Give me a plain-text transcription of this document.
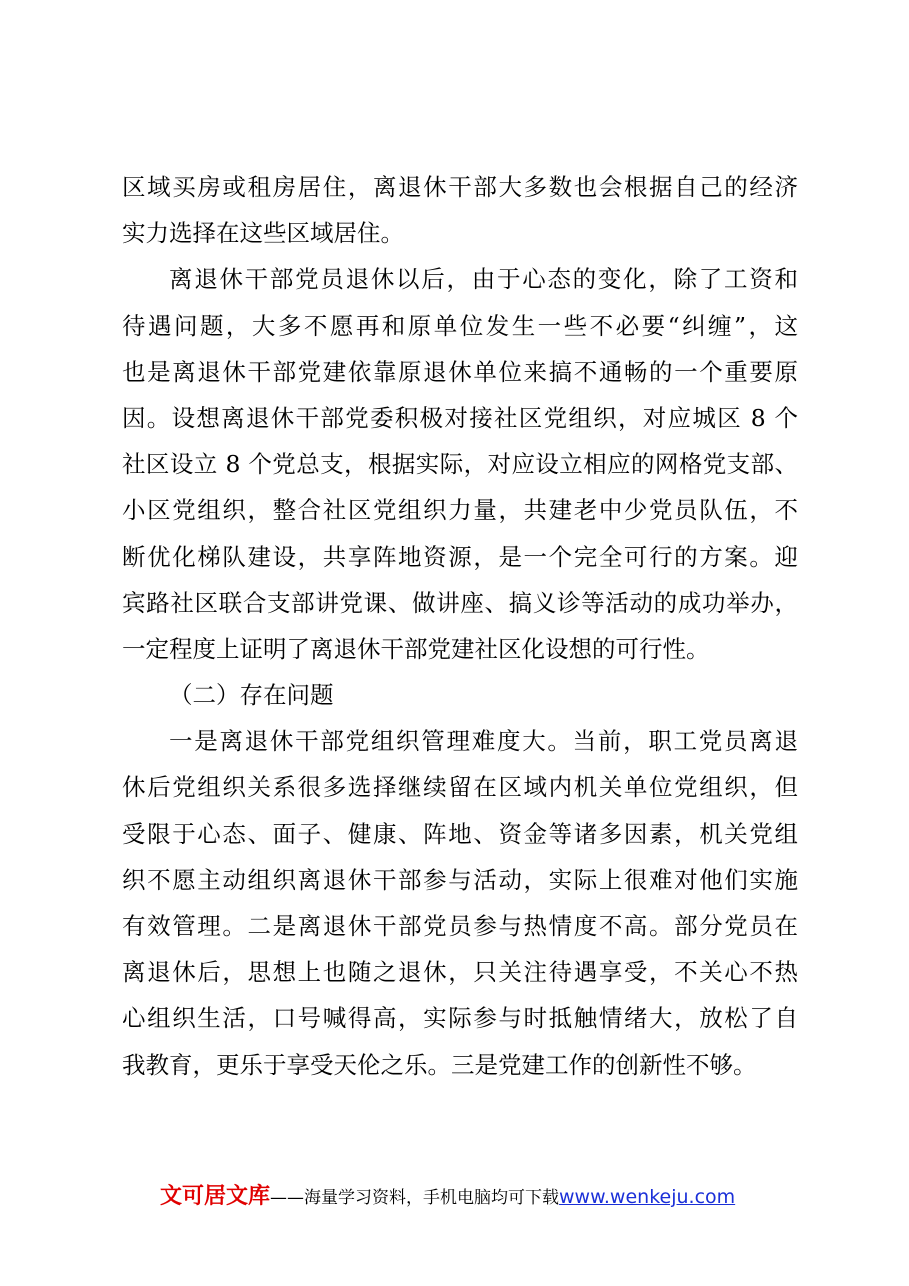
区域买房或租房居住，离退休干部大多数也会根据自己的经济
实力选择在这些区域居住。
离退休干部党员退休以后，由于心态的变化，除了工资和
待遇问题，大多不愿再和原单位发生一些不必要“纠缠”，这
也是离退休干部党建依靠原退休单位来搞不通畅的一个重要原
因。设想离退休干部党委积极对接社区党组织，对应城区 8 个
社区设立 8 个党总支，根据实际，对应设立相应的网格党支部、
小区党组织，整合社区党组织力量，共建老中少党员队伍，不
断优化梯队建设，共享阵地资源，是一个完全可行的方案。迎
宾路社区联合支部讲党课、做讲座、搞义诊等活动的成功举办，
一定程度上证明了离退休干部党建社区化设想的可行性。
（二）存在问题
一是离退休干部党组织管理难度大。当前，职工党员离退
休后党组织关系很多选择继续留在区域内机关单位党组织，但
受限于心态、面子、健康、阵地、资金等诸多因素，机关党组
织不愿主动组织离退休干部参与活动，实际上很难对他们实施
有效管理。二是离退休干部党员参与热情度不高。部分党员在
离退休后，思想上也随之退休，只关注待遇享受，不关心不热
心组织生活，口号喊得高，实际参与时抵触情绪大，放松了自
我教育，更乐于享受天伦之乐。三是党建工作的创新性不够。
文可居文库——海量学习资料，手机电脑均可下载www.wenkeju.com
